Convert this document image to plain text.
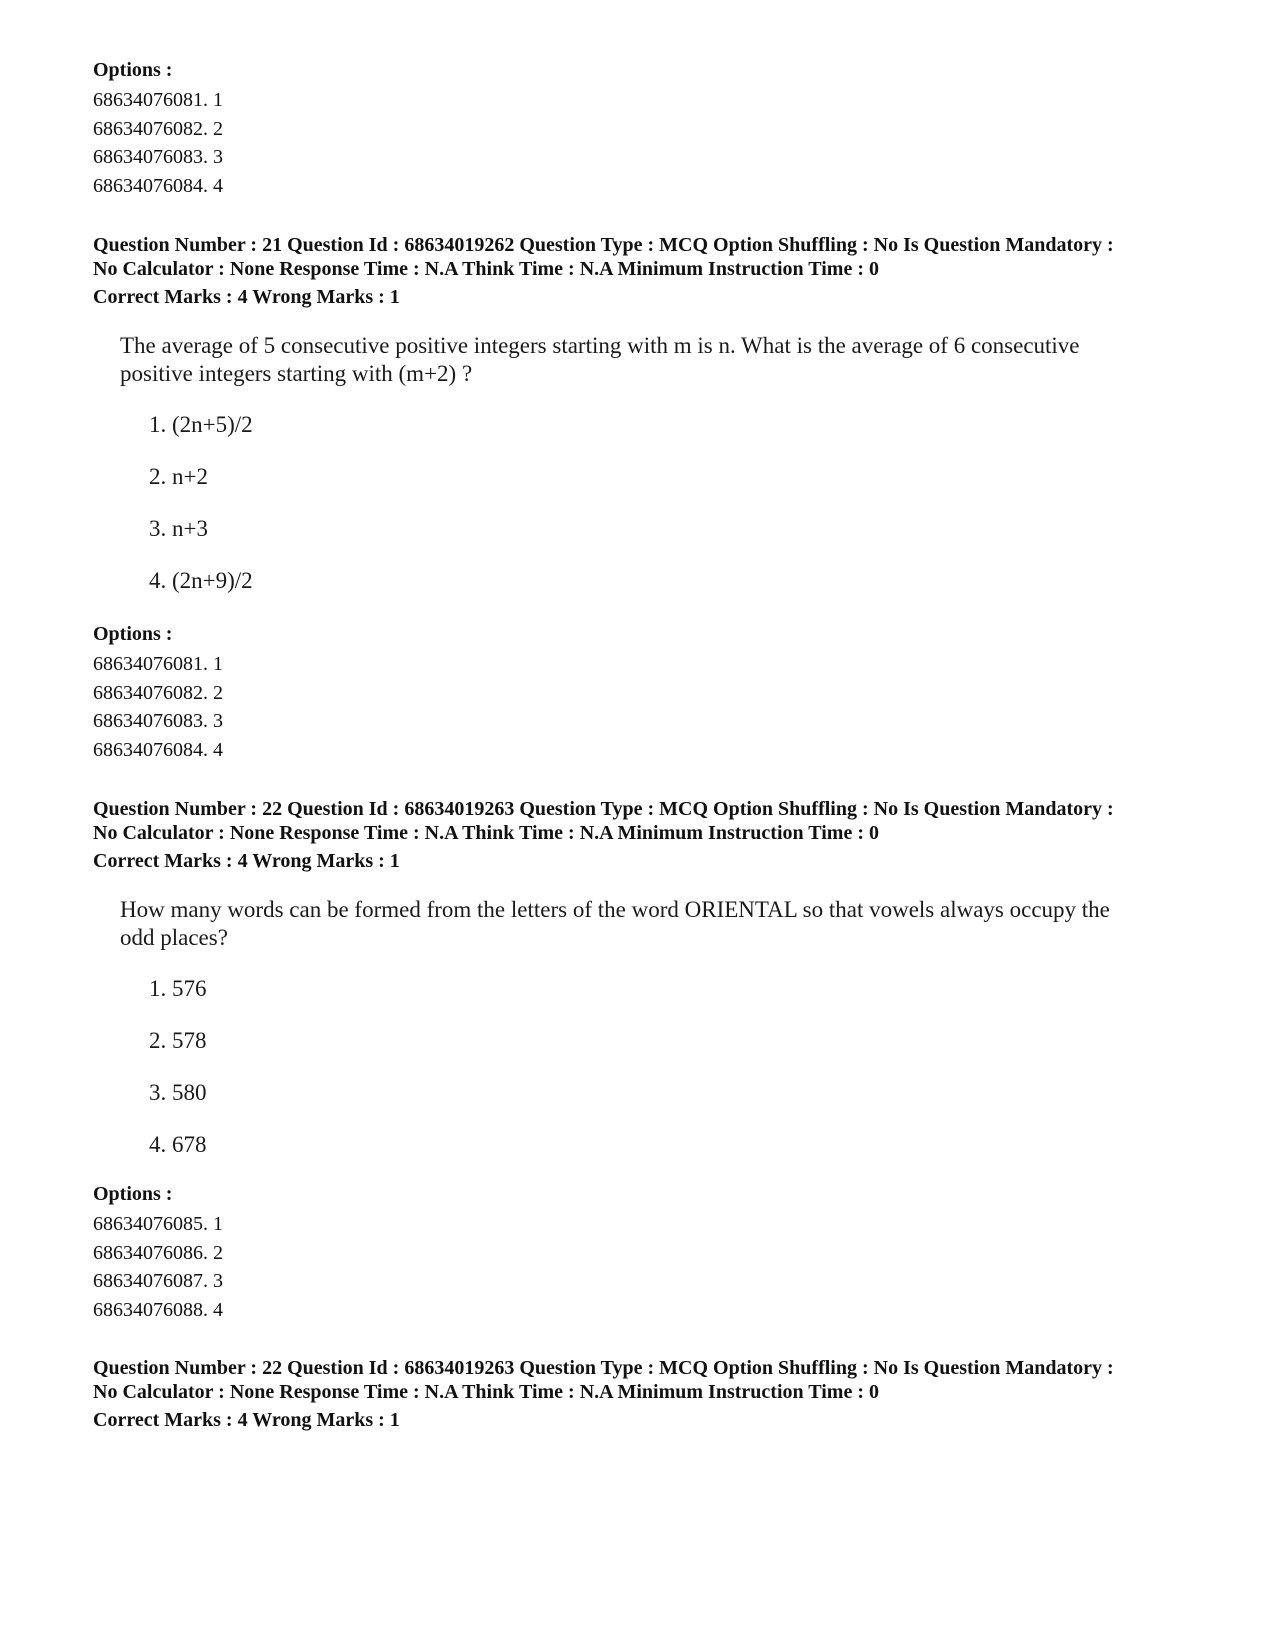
Options :
68634076081. 1
68634076082. 2
68634076083. 3
68634076084. 4
Question Number : 21 Question Id : 68634019262 Question Type : MCQ Option Shuffling : No Is Question Mandatory :
No Calculator : None Response Time : N.A Think Time : N.A Minimum Instruction Time : 0
Correct Marks : 4 Wrong Marks : 1
The average of 5 consecutive positive integers starting with m is n. What is the average of 6 consecutive
positive integers starting with (m+2) ?
1. (2n+5)/2
2. n+2
3. n+3
4. (2n+9)/2
Options :
68634076081. 1
68634076082. 2
68634076083. 3
68634076084. 4
Question Number : 22 Question Id : 68634019263 Question Type : MCQ Option Shuffling : No Is Question Mandatory :
No Calculator : None Response Time : N.A Think Time : N.A Minimum Instruction Time : 0
Correct Marks : 4 Wrong Marks : 1
How many words can be formed from the letters of the word ORIENTAL so that vowels always occupy the
odd places?
1. 576
2. 578
3. 580
4. 678
Options :
68634076085. 1
68634076086. 2
68634076087. 3
68634076088. 4
Question Number : 22 Question Id : 68634019263 Question Type : MCQ Option Shuffling : No Is Question Mandatory :
No Calculator : None Response Time : N.A Think Time : N.A Minimum Instruction Time : 0
Correct Marks : 4 Wrong Marks : 1
